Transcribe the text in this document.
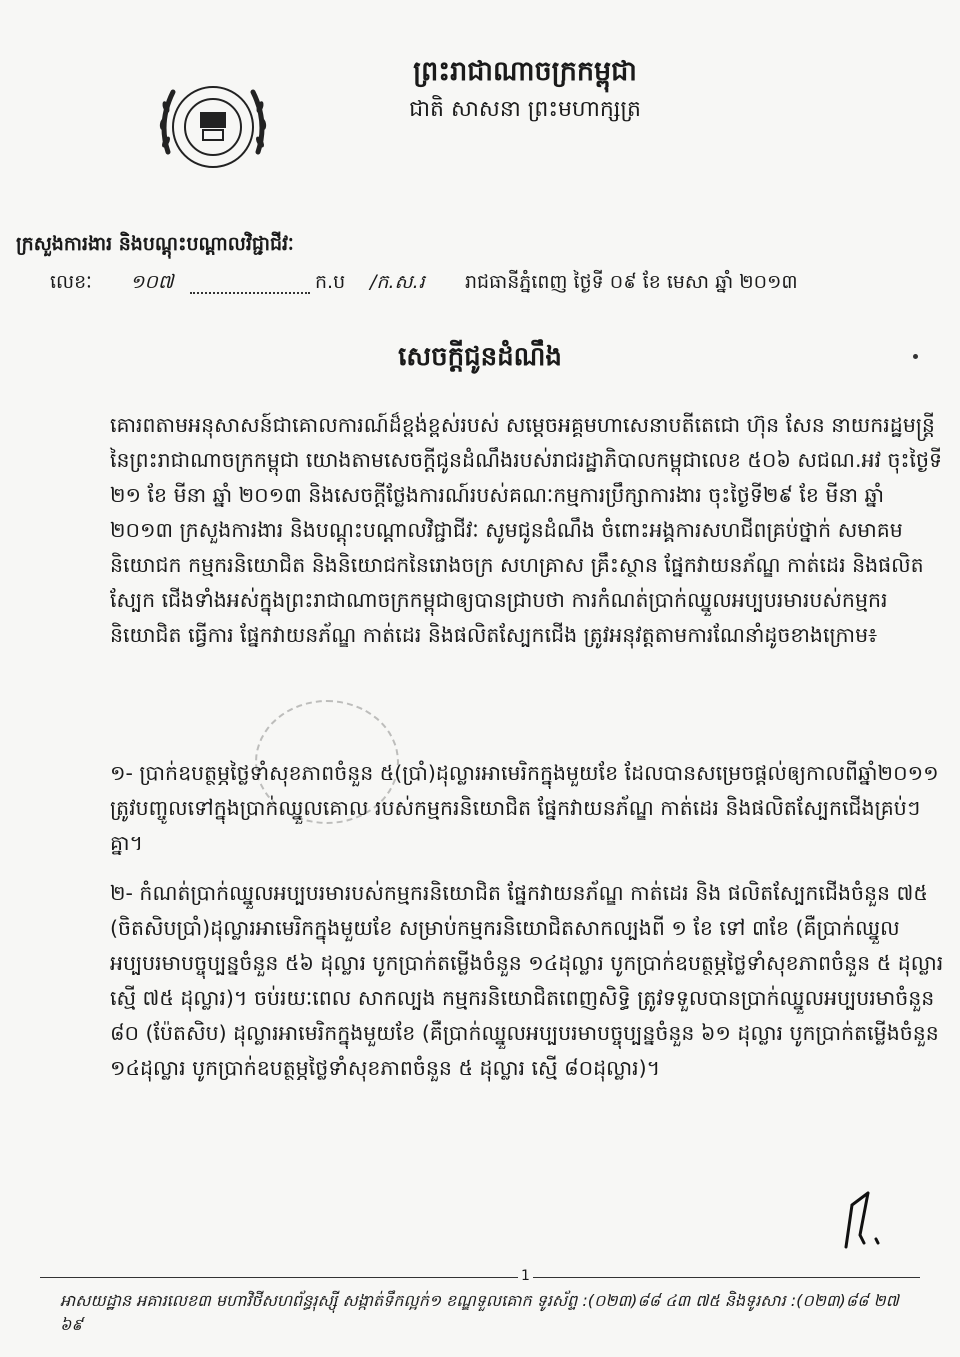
ព្រះរាជាណាចក្រកម្ពុជា
ជាតិ សាសនា ព្រះមហាក្សត្រ
ក្រសួងការងារ និងបណ្តុះបណ្តាលវិជ្ជាជីវៈ
លេខៈ ១០៧	ក.ប /ក.ស.រ រាជធានីភ្នំពេញ ថ្ងៃទី ០៩ ខែ មេសា ឆ្នាំ ២០១៣
សេចក្តីជូនដំណឹង
គោរពតាមអនុសាសន៍ជាគោលការណ៍ដ៏ខ្ពង់ខ្ពស់របស់ សម្តេចអគ្គមហាសេនាបតីតេជោ ហ៊ុន សែន នាយករដ្ឋមន្ត្រីនៃព្រះរាជាណាចក្រកម្ពុជា យោងតាមសេចក្តីជូនដំណឹងរបស់រាជរដ្ឋាភិបាលកម្ពុជាលេខ ៥០៦ សជណ.អវ ចុះថ្ងៃទី ២១ ខែ មីនា ឆ្នាំ ២០១៣ និងសេចក្តីថ្លែងការណ៍របស់គណៈកម្មការប្រឹក្សាការងារ ចុះថ្ងៃទី២៩ ខែ មីនា ឆ្នាំ ២០១៣ ក្រសួងការងារ និងបណ្តុះបណ្តាលវិជ្ជាជីវៈ សូមជូនដំណឹង ចំពោះអង្គការសហជីពគ្រប់ថ្នាក់ សមាគមនិយោជក កម្មករនិយោជិត និងនិយោជកនៃរោងចក្រ សហគ្រាស គ្រឹះស្ថាន ផ្នែកវាយនភ័ណ្ឌ កាត់ដេរ និងផលិតស្បែក ជើងទាំងអស់ក្នុងព្រះរាជាណាចក្រកម្ពុជាឲ្យបានជ្រាបថា ការកំណត់ប្រាក់ឈ្នួលអប្បបរមារបស់កម្មករនិយោជិត ធ្វើការ ផ្នែកវាយនភ័ណ្ឌ កាត់ដេរ និងផលិតស្បែកជើង ត្រូវអនុវត្តតាមការណែនាំដូចខាងក្រោម៖
១- ប្រាក់ឧបត្ថម្ភថ្លៃទាំសុខភាពចំនួន ៥(ប្រាំ)ដុល្លារអាមេរិកក្នុងមួយខែ ដែលបានសម្រេចផ្តល់ឲ្យកាលពីឆ្នាំ២០១១ ត្រូវបញ្ចូលទៅក្នុងប្រាក់ឈ្នួលគោល របស់កម្មករនិយោជិត ផ្នែកវាយនភ័ណ្ឌ កាត់ដេរ និងផលិតស្បែកជើងគ្រប់ៗគ្នា។
២- កំណត់ប្រាក់ឈ្នួលអប្បបរមារបស់កម្មករនិយោជិត ផ្នែកវាយនភ័ណ្ឌ កាត់ដេរ និង ផលិតស្បែកជើងចំនួន ៧៥ (ចិតសិបប្រាំ)ដុល្លារអាមេរិកក្នុងមួយខែ សម្រាប់កម្មករនិយោជិតសាកល្បងពី ១ ខែ ទៅ ៣ខែ (គឺប្រាក់ឈ្នួលអប្បបរមាបច្ចុប្បន្នចំនួន ៥៦ ដុល្លារ បូកប្រាក់តម្លើងចំនួន ១៤ដុល្លារ បូកប្រាក់ឧបត្ថម្ភថ្លៃទាំសុខភាពចំនួន ៥ ដុល្លារ ស្មើ ៧៥ ដុល្លារ)។ ចប់រយៈពេល សាកល្បង កម្មករនិយោជិតពេញសិទ្ធិ ត្រូវទទួលបានប្រាក់ឈ្នួលអប្បបរមាចំនួន ៨០ (ប៉ែតសិប) ដុល្លារអាមេរិកក្នុងមួយខែ (គឺប្រាក់ឈ្នួលអប្បបរមាបច្ចុប្បន្នចំនួន ៦១ ដុល្លារ បូកប្រាក់តម្លើងចំនួន ១៤ដុល្លារ បូកប្រាក់ឧបត្ថម្ភថ្លៃទាំសុខភាពចំនួន ៥ ដុល្លារ ស្មើ ៨០ដុល្លារ)។
1
អាសយដ្ឋាន អគារលេខ៣ មហាវិថីសហព័ន្ធរុស្ស៊ី សង្កាត់ទឹកល្អក់១ ខណ្ឌទួលគោក ទូរស័ព្ទ :(០២៣)៨៨ ៤៣ ៧៥ និងទូរសារ :(០២៣)៨៨ ២៧ ៦៩
